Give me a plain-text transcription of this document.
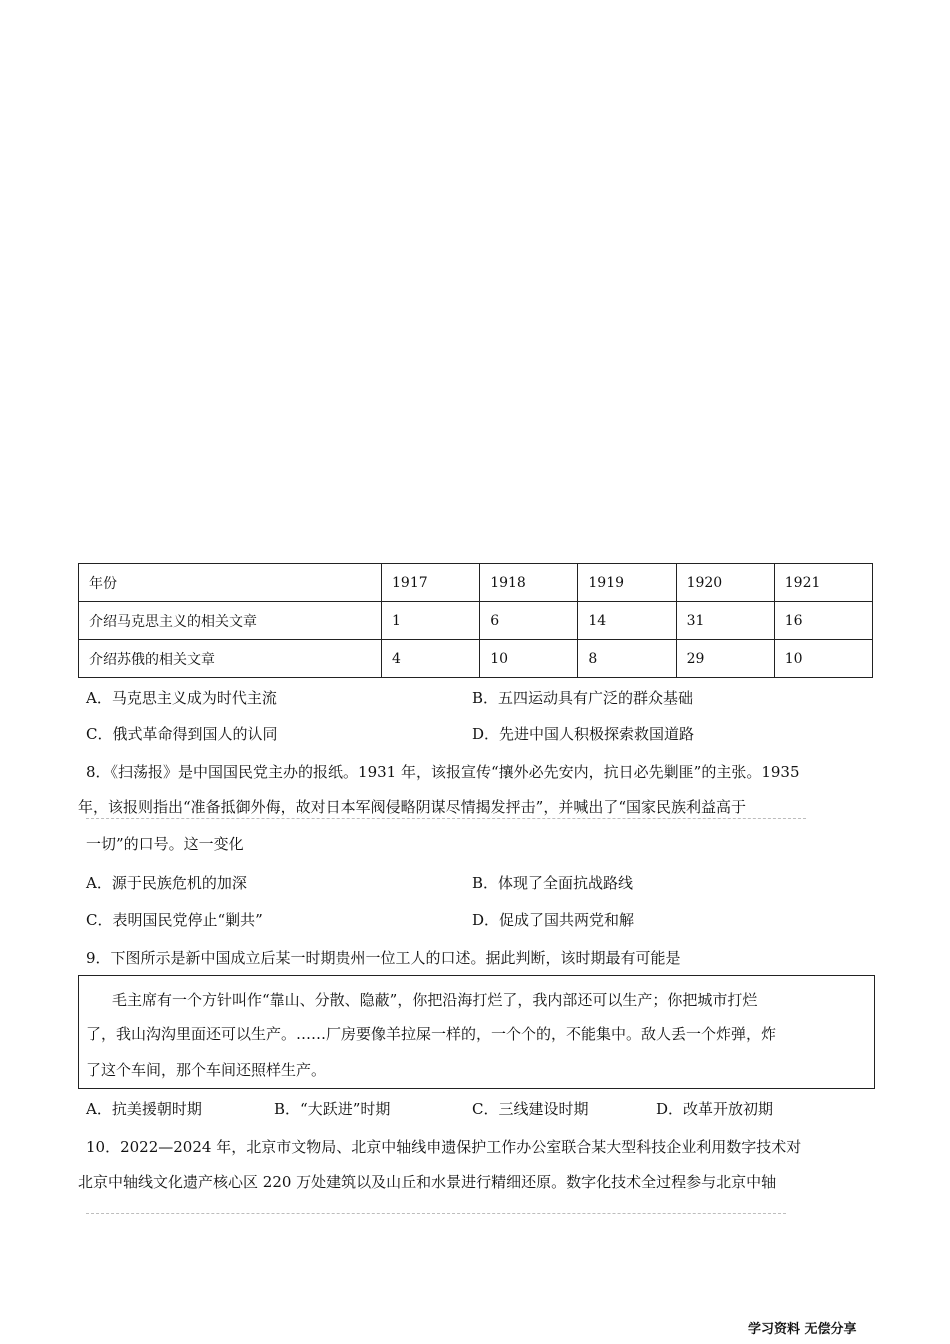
年份	1917	1918	1919	1920	1921
介绍马克思主义的相关文章	1	6	14	31	16
介绍苏俄的相关文章	4	10	8	29	10
A．马克思主义成为时代主流	B．五四运动具有广泛的群众基础
C．俄式革命得到国人的认同	D．先进中国人积极探索救国道路
8．《扫荡报》是中国国民党主办的报纸。1931 年，该报宣传“攘外必先安内，抗日必先剿匪”的主张。1935
年，该报则指出“准备抵御外侮，故对日本军阀侵略阴谋尽情揭发抨击”，并喊出了“国家民族利益高于
一切”的口号。这一变化
A．源于民族危机的加深	B．体现了全面抗战路线
C．表明国民党停止“剿共”	D．促成了国共两党和解
9．下图所示是新中国成立后某一时期贵州一位工人的口述。据此判断，该时期最有可能是
毛主席有一个方针叫作“靠山、分散、隐蔽”，你把沿海打烂了，我内部还可以生产；你把城市打烂
了，我山沟沟里面还可以生产。……厂房要像羊拉屎一样的，一个个的，不能集中。敌人丢一个炸弹，炸
了这个车间，那个车间还照样生产。
A．抗美援朝时期	B．“大跃进”时期	C．三线建设时期	D．改革开放初期
10．2022—2024 年，北京市文物局、北京中轴线申遗保护工作办公室联合某大型科技企业利用数字技术对
北京中轴线文化遗产核心区 220 万处建筑以及山丘和水景进行精细还原。数字化技术全过程参与北京中轴
学习资料 无偿分享
